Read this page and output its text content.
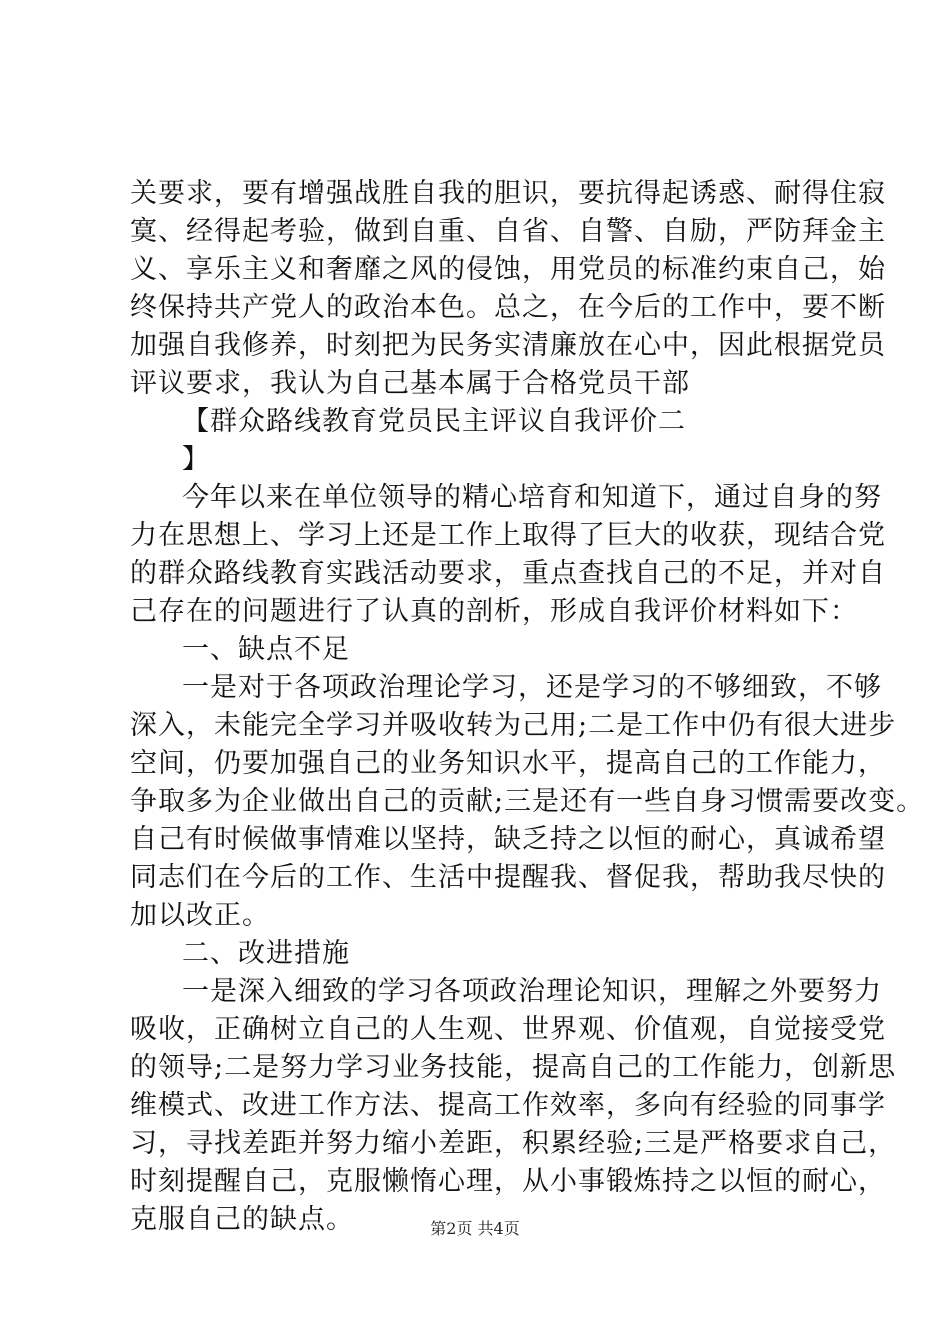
关要求，要有增强战胜自我的胆识，要抗得起诱惑、耐得住寂
寞、经得起考验，做到自重、自省、自警、自励，严防拜金主
义、享乐主义和奢靡之风的侵蚀，用党员的标准约束自己，始
终保持共产党人的政治本色。总之，在今后的工作中，要不断
加强自我修养，时刻把为民务实清廉放在心中，因此根据党员
评议要求，我认为自己基本属于合格党员干部
【群众路线教育党员民主评议自我评价二
】
今年以来在单位领导的精心培育和知道下，通过自身的努
力在思想上、学习上还是工作上取得了巨大的收获，现结合党
的群众路线教育实践活动要求，重点查找自己的不足，并对自
己存在的问题进行了认真的剖析，形成自我评价材料如下：
一、缺点不足
一是对于各项政治理论学习，还是学习的不够细致，不够
深入，未能完全学习并吸收转为己用;二是工作中仍有很大进步
空间，仍要加强自己的业务知识水平，提高自己的工作能力，
争取多为企业做出自己的贡献;三是还有一些自身习惯需要改变。
自己有时候做事情难以坚持，缺乏持之以恒的耐心，真诚希望
同志们在今后的工作、生活中提醒我、督促我，帮助我尽快的
加以改正。
二、改进措施
一是深入细致的学习各项政治理论知识，理解之外要努力
吸收，正确树立自己的人生观、世界观、价值观，自觉接受党
的领导;二是努力学习业务技能，提高自己的工作能力，创新思
维模式、改进工作方法、提高工作效率，多向有经验的同事学
习，寻找差距并努力缩小差距，积累经验;三是严格要求自己，
时刻提醒自己，克服懒惰心理，从小事锻炼持之以恒的耐心，
克服自己的缺点。	第2页 共4页
